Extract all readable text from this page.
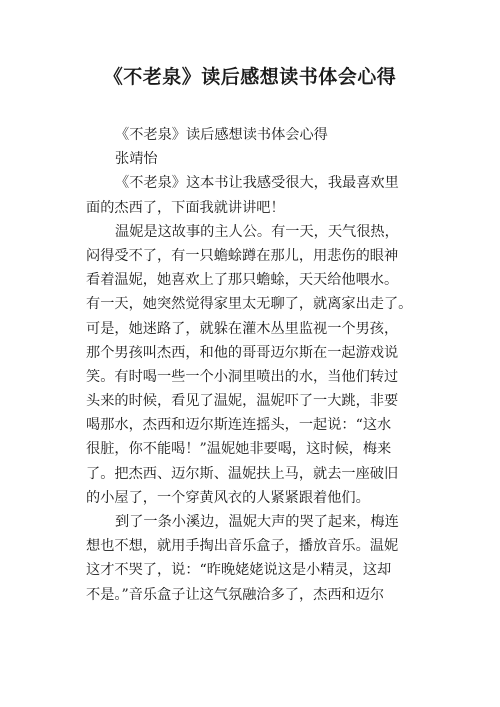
《不老泉》读后感想读书体会心得

《不老泉》读后感想读书体会心得

张靖怡

《不老泉》这本书让我感受很大，我最喜欢里

面的杰西了，下面我就讲讲吧！

温妮是这故事的主人公。有一天，天气很热，

闷得受不了，有一只蟾蜍蹲在那儿，用悲伤的眼神

看着温妮，她喜欢上了那只蟾蜍，天天给他喂水。

有一天，她突然觉得家里太无聊了，就离家出走了。

可是，她迷路了，就躲在灌木丛里监视一个男孩，

那个男孩叫杰西，和他的哥哥迈尔斯在一起游戏说

笑。有时喝一些一个小洞里喷出的水，当他们转过

头来的时候，看见了温妮，温妮吓了一大跳，非要

喝那水，杰西和迈尔斯连连摇头，一起说：“这水

很脏，你不能喝！”温妮她非要喝，这时候，梅来

了。把杰西、迈尔斯、温妮扶上马，就去一座破旧

的小屋了，一个穿黄风衣的人紧紧跟着他们。

到了一条小溪边，温妮大声的哭了起来，梅连

想也不想，就用手掏出音乐盒子，播放音乐。温妮

这才不哭了，说：“昨晚姥姥说这是小精灵，这却

不是。”音乐盒子让这气氛融洽多了，杰西和迈尔
